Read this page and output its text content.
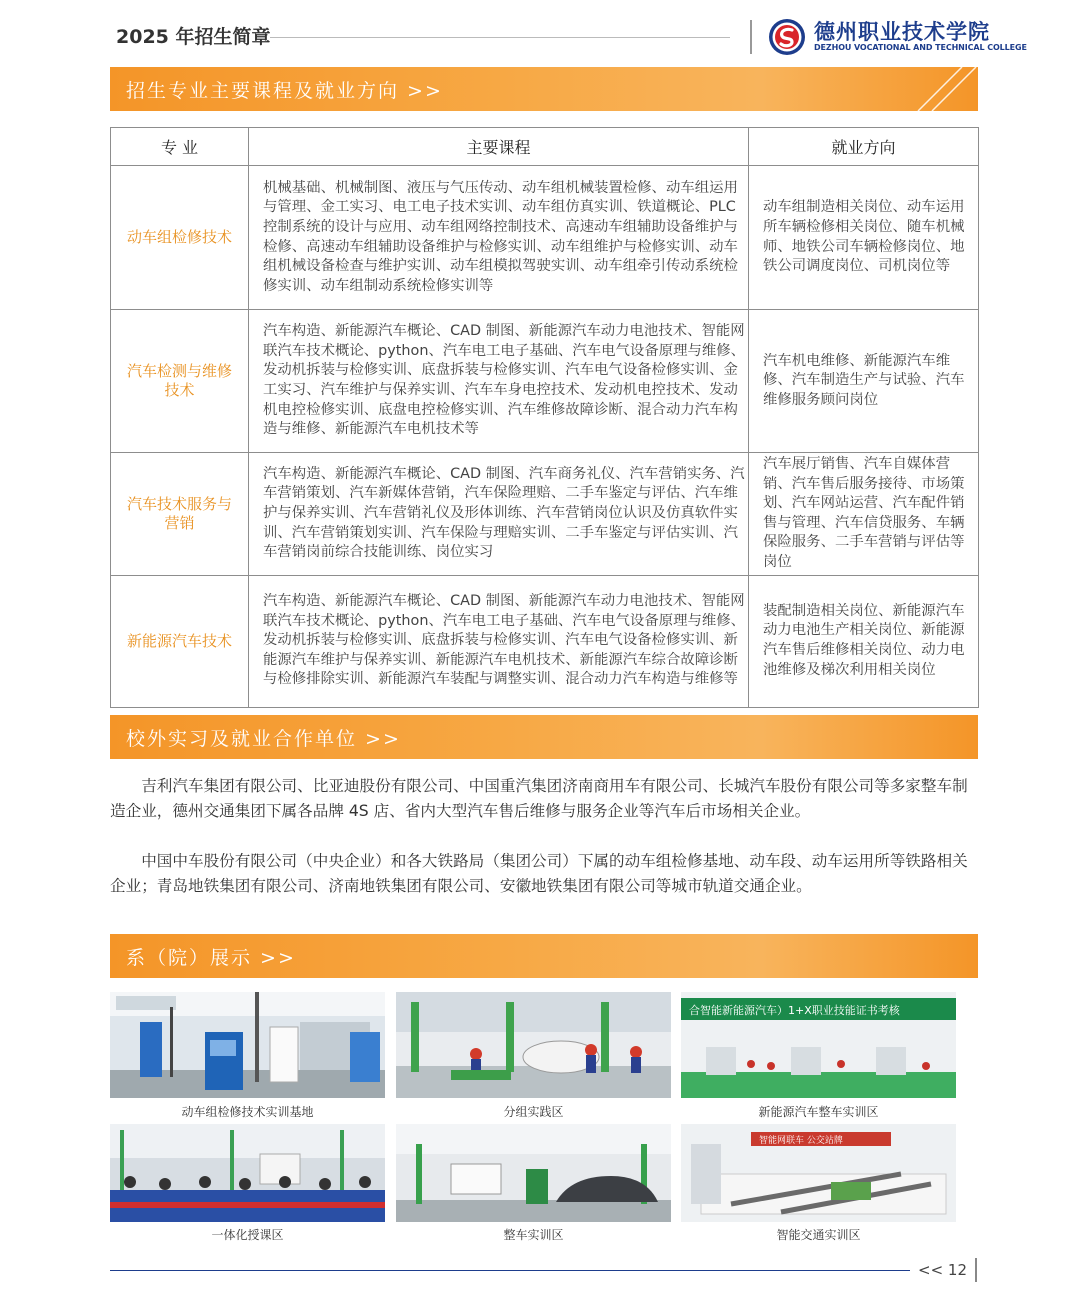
2025 年招生简章	德州职业技术学院
DEZHOU VOCATIONAL AND TECHNICAL COLLEGE
招生专业主要课程及就业方向 >>
专 业	主要课程	就业方向
动车组检修技术	机械基础、机械制图、液压与气压传动、动车组机械装置检修、动车组运用与管理、金工实习、电工电子技术实训、动车组仿真实训、铁道概论、PLC 控制系统的设计与应用、动车组网络控制技术、高速动车组辅助设备维护与检修、高速动车组辅助设备维护与检修实训、动车组维护与检修实训、动车组机械设备检查与维护实训、动车组模拟驾驶实训、动车组牵引传动系统检修实训、动车组制动系统检修实训等	动车组制造相关岗位、动车运用所车辆检修相关岗位、随车机械师、地铁公司车辆检修岗位、地铁公司调度岗位、司机岗位等
汽车检测与维修技术	汽车构造、新能源汽车概论、CAD 制图、新能源汽车动力电池技术、智能网联汽车技术概论、python、汽车电工电子基础、汽车电气设备原理与维修、发动机拆装与检修实训、底盘拆装与检修实训、汽车电气设备检修实训、金工实习、汽车维护与保养实训、汽车车身电控技术、发动机电控技术、发动机电控检修实训、底盘电控检修实训、汽车维修故障诊断、混合动力汽车构造与维修、新能源汽车电机技术等	汽车机电维修、新能源汽车维修、汽车制造生产与试验、汽车维修服务顾问岗位
汽车技术服务与营销	汽车构造、新能源汽车概论、CAD 制图、汽车商务礼仪、汽车营销实务、汽车营销策划、汽车新媒体营销，汽车保险理赔、二手车鉴定与评估、汽车维护与保养实训、汽车营销礼仪及形体训练、汽车营销岗位认识及仿真软件实训、汽车营销策划实训、汽车保险与理赔实训、二手车鉴定与评估实训、汽车营销岗前综合技能训练、岗位实习	汽车展厅销售、汽车自媒体营销、汽车售后服务接待、市场策划、汽车网站运营、汽车配件销售与管理、汽车信贷服务、车辆保险服务、二手车营销与评估等岗位
新能源汽车技术	汽车构造、新能源汽车概论、CAD 制图、新能源汽车动力电池技术、智能网联汽车技术概论、python、汽车电工电子基础、汽车电气设备原理与维修、发动机拆装与检修实训、底盘拆装与检修实训、汽车电气设备检修实训、新能源汽车维护与保养实训、新能源汽车电机技术、新能源汽车综合故障诊断与检修排除实训、新能源汽车装配与调整实训、混合动力汽车构造与维修等	装配制造相关岗位、新能源汽车动力电池生产相关岗位、新能源汽车售后维修相关岗位、动力电池维修及梯次利用相关岗位
校外实习及就业合作单位 >>

吉利汽车集团有限公司、比亚迪股份有限公司、中国重汽集团济南商用车有限公司、长城汽车股份有限公司等多家整车制造企业，德州交通集团下属各品牌 4S 店、省内大型汽车售后维修与服务企业等汽车后市场相关企业。

中国中车股份有限公司（中央企业）和各大铁路局（集团公司）下属的动车组检修基地、动车段、动车运用所等铁路相关企业；青岛地铁集团有限公司、济南地铁集团有限公司、安徽地铁集团有限公司等城市轨道交通企业。

系（院）展示 >>
动车组检修技术实训基地	分组实践区
合智能新能源汽车）1+X职业技能证书考核
新能源汽车整车实训区
一体化授课区	整车实训区
智能网联车 公交站牌
智能交通实训区
<< 12
